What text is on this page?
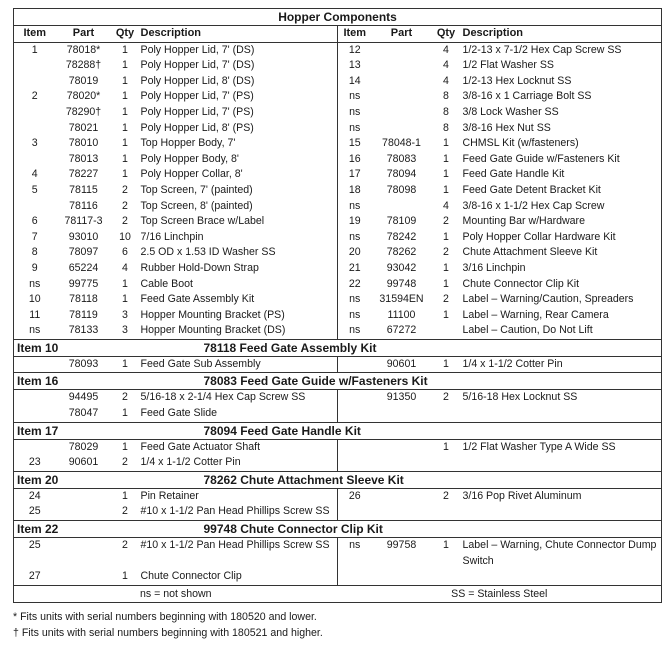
Hopper Components							
Item	Part	Qty	Description	Item	Part	Qty	Description
1	78018*	1	Poly Hopper Lid, 7' (DS)	12		4	1/2-13 x 7-1/2 Hex Cap Screw SS
	78288†	1	Poly Hopper Lid, 7' (DS)	13		4	1/2 Flat Washer SS
	78019	1	Poly Hopper Lid, 8' (DS)	14		4	1/2-13 Hex Locknut SS
2	78020*	1	Poly Hopper Lid, 7' (PS)	ns		8	3/8-16 x 1 Carriage Bolt SS
	78290†	1	Poly Hopper Lid, 7' (PS)	ns		8	3/8 Lock Washer SS
	78021	1	Poly Hopper Lid, 8' (PS)	ns		8	3/8-16 Hex Nut SS
3	78010	1	Top Hopper Body, 7'	15	78048-1	1	CHMSL Kit (w/fasteners)
	78013	1	Poly Hopper Body, 8'	16	78083	1	Feed Gate Guide w/Fasteners Kit
4	78227	1	Poly Hopper Collar, 8'	17	78094	1	Feed Gate Handle Kit
5	78115	2	Top Screen, 7' (painted)	18	78098	1	Feed Gate Detent Bracket Kit
	78116	2	Top Screen, 8' (painted)	ns		4	3/8-16 x 1-1/2 Hex Cap Screw
6	78117-3	2	Top Screen Brace w/Label	19	78109	2	Mounting Bar w/Hardware
7	93010	10	7/16 Linchpin	ns	78242	1	Poly Hopper Collar Hardware Kit
8	78097	6	2.5 OD x 1.53 ID Washer SS	20	78262	2	Chute Attachment Sleeve Kit
9	65224	4	Rubber Hold-Down Strap	21	93042	1	3/16 Linchpin
ns	99775	1	Cable Boot	22	99748	1	Chute Connector Clip Kit
10	78118	1	Feed Gate Assembly Kit	ns	31594EN	2	Label – Warning/Caution, Spreaders
11	78119	3	Hopper Mounting Bracket (PS)	ns	11100	1	Label – Warning, Rear Camera
ns	78133	3	Hopper Mounting Bracket (DS)	ns	67272		Label – Caution, Do Not Lift
Item 10		78118 Feed Gate Assembly Kit					
	78093	1	Feed Gate Sub Assembly		90601	1	1/4 x 1-1/2 Cotter Pin
Item 16		78083 Feed Gate Guide w/Fasteners Kit					
	94495	2	5/16-18 x 2-1/4 Hex Cap Screw SS		91350	2	5/16-18 Hex Locknut SS
	78047	1	Feed Gate Slide				
Item 17		78094 Feed Gate Handle Kit					
	78029	1	Feed Gate Actuator Shaft			1	1/2 Flat Washer Type A Wide SS
23	90601	2	1/4 x 1-1/2 Cotter Pin				
Item 20		78262 Chute Attachment Sleeve Kit					
24		1	Pin Retainer	26		2	3/16 Pop Rivet Aluminum
25		2	#10 x 1-1/2 Pan Head Phillips Screw SS				
Item 22		99748 Chute Connector Clip Kit					
25		2	#10 x 1-1/2 Pan Head Phillips Screw SS	ns	99758	1	Label – Warning, Chute Connector Dump Switch
27		1	Chute Connector Clip				
ns = not shown				SS = Stainless Steel			
* Fits units with serial numbers beginning with 180520 and lower.
† Fits units with serial numbers beginning with 180521 and higher.
